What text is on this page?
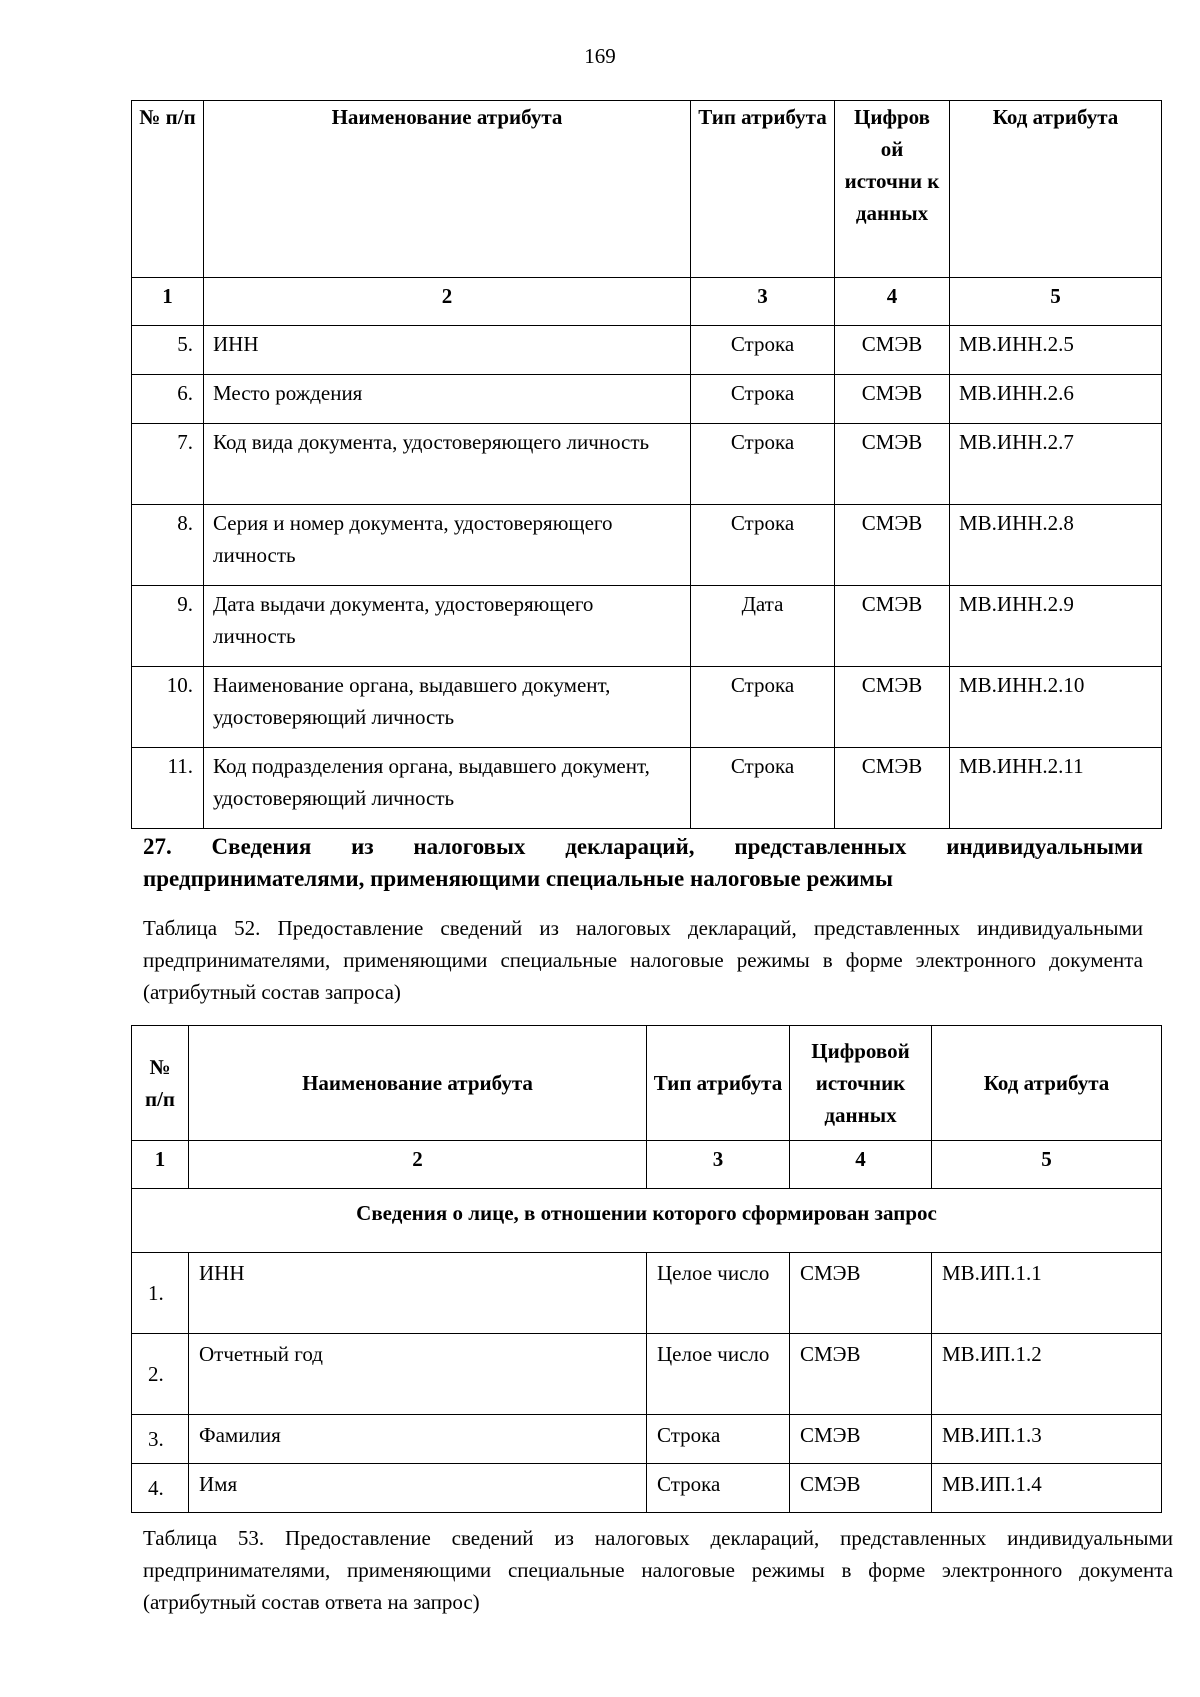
169
№ п/п	Наименование атрибута	Тип атрибута	Цифров ой источни к данных	Код атрибута
1	2	3	4	5
5.	ИНН	Строка	СМЭВ	МВ.ИНН.2.5
6.	Место рождения	Строка	СМЭВ	МВ.ИНН.2.6
7.	Код вида документа, удостоверяющего личность	Строка	СМЭВ	МВ.ИНН.2.7
8.	Серия и номер документа, удостоверяющего личность	Строка	СМЭВ	МВ.ИНН.2.8
9.	Дата выдачи документа, удостоверяющего личность	Дата	СМЭВ	МВ.ИНН.2.9
10.	Наименование органа, выдавшего документ, удостоверяющий личность	Строка	СМЭВ	МВ.ИНН.2.10
11.	Код подразделения органа, выдавшего документ, удостоверяющий личность	Строка	СМЭВ	МВ.ИНН.2.11
27. Сведения из налоговых деклараций, представленных индивидуальными предпринимателями, применяющими специальные налоговые режимы
Таблица 52. Предоставление сведений из налоговых деклараций, представленных индивидуальными предпринимателями, применяющими специальные налоговые режимы в форме электронного документа (атрибутный состав запроса)
№ п/п	Наименование атрибута	Тип атрибута	Цифровой источник данных	Код атрибута
1	2	3	4	5
Сведения о лице, в отношении которого сформирован запрос				
1.	ИНН	Целое число	СМЭВ	МВ.ИП.1.1
2.	Отчетный год	Целое число	СМЭВ	МВ.ИП.1.2
3.	Фамилия	Строка	СМЭВ	МВ.ИП.1.3
4.	Имя	Строка	СМЭВ	МВ.ИП.1.4
Таблица 53. Предоставление сведений из налоговых деклараций, представленных индивидуальными предпринимателями, применяющими специальные налоговые режимы в форме электронного документа (атрибутный состав ответа на запрос)
